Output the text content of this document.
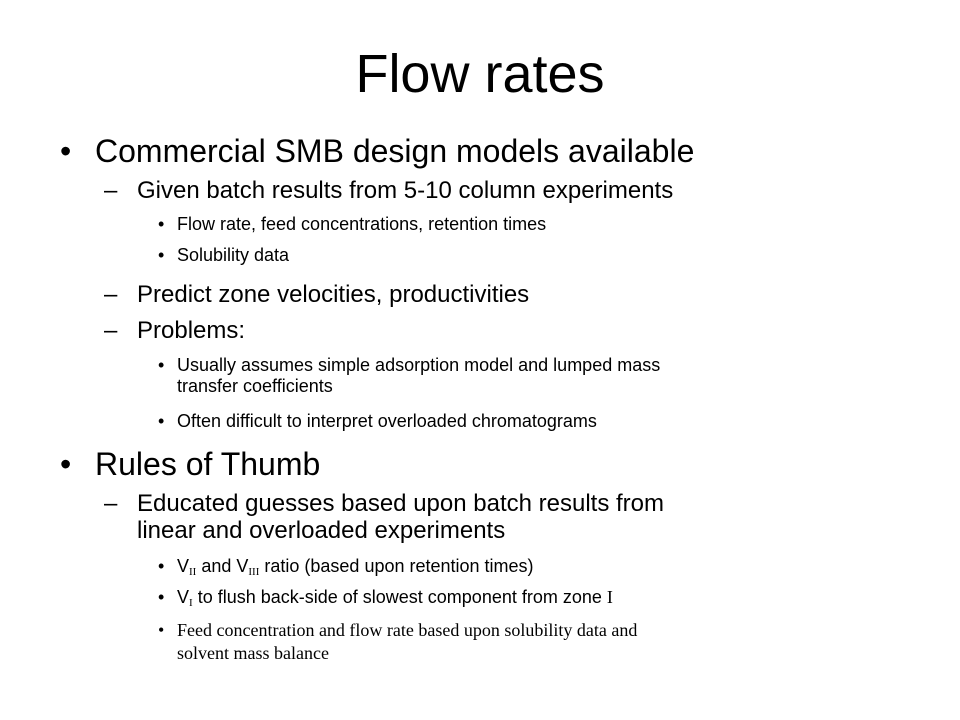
Flow rates
• Commercial SMB design models available
– Given batch results from 5-10 column experiments
• Flow rate, feed concentrations, retention times
• Solubility data
– Predict zone velocities, productivities
– Problems:
• Usually assumes simple adsorption model and lumped mass
transfer coefficients
• Often difficult to interpret overloaded chromatograms
• Rules of Thumb
– Educated guesses based upon batch results from
linear and overloaded experiments
• $V_{II}$ and $V_{III}$ ratio (based upon retention times)
• $V_I$ to flush back-side of slowest component from zone I
• Feed concentration and flow rate based upon solubility data and
solvent mass balance
